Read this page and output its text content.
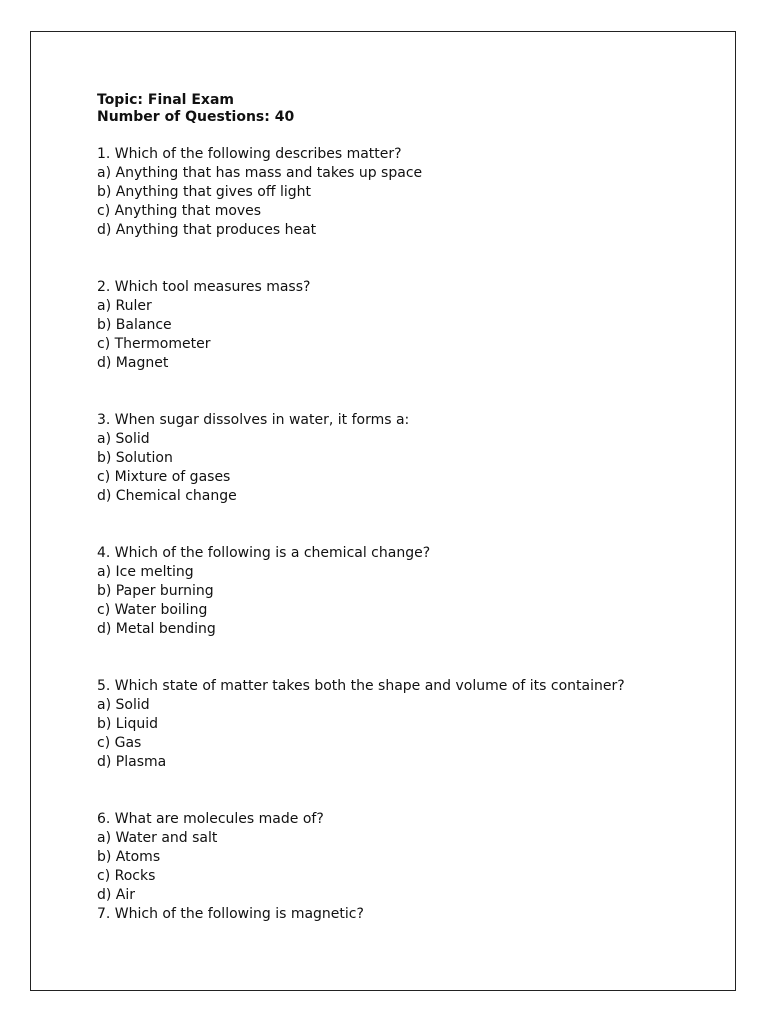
Topic: Final Exam
Number of Questions: 40
1. Which of the following describes matter?
a) Anything that has mass and takes up space
b) Anything that gives off light
c) Anything that moves
d) Anything that produces heat
2. Which tool measures mass?
a) Ruler
b) Balance
c) Thermometer
d) Magnet
3. When sugar dissolves in water, it forms a:
a) Solid
b) Solution
c) Mixture of gases
d) Chemical change
4. Which of the following is a chemical change?
a) Ice melting
b) Paper burning
c) Water boiling
d) Metal bending
5. Which state of matter takes both the shape and volume of its container?
a) Solid
b) Liquid
c) Gas
d) Plasma
6. What are molecules made of?
a) Water and salt
b) Atoms
c) Rocks
d) Air
7. Which of the following is magnetic?
